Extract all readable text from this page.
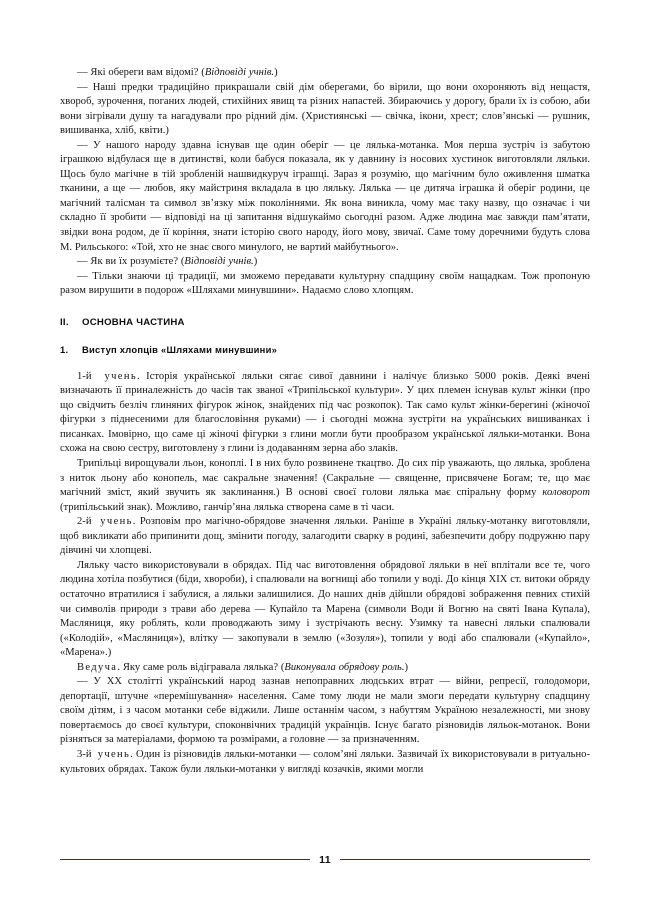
— Які обереги вам відомі? (Відповіді учнів.)

— Наші предки традиційно прикрашали свій дім оберегами, бо вірили, що вони охороняють від нещастя, хвороб, зурочення, поганих людей, стихійних явищ та різних напастей. Збираючись у дорогу, брали їх із собою, аби вони зігрівали душу та нагадували про рідний дім. (Християнські — свічка, ікони, хрест; слов’янські — рушник, вишиванка, хліб, квіти.)

— У нашого народу здавна існував ще один оберіг — це лялька-мотанка. Моя перша зустріч із забутою іграшкою відбулася ще в дитинстві, коли бабуся показала, як у давнину із носових хустинок виготовляли ляльки. Щось було магічне в тій зробленій нашвидкуруч іграшці. Зараз я розумію, що магічним було оживлення шматка тканини, а ще — любов, яку майстриня вкладала в цю ляльку. Лялька — це дитяча іграшка й оберіг родини, це магічний талісман та символ зв’язку між поколіннями. Як вона виникла, чому має таку назву, що означає і чи складно її зробити — відповіді на ці запитання відшукаймо сьогодні разом. Адже людина має завжди пам’ятати, звідки вона родом, де її коріння, знати історію свого народу, його мову, звичаї. Саме тому доречними будуть слова М. Рильського: «Той, хто не знає свого минулого, не вартий майбутнього».

— Як ви їх розумієте? (Відповіді учнів.)

— Тільки знаючи ці традиції, ми зможемо передавати культурну спадщину своїм нащадкам. Тож пропоную разом вирушити в подорож «Шляхами минувшини». Надаємо слово хлопцям.

II.	ОСНОВНА ЧАСТИНА
1.	Виступ хлопців «Шляхами минувшини»

1-й учень. Історія української ляльки сягає сивої давнини і налічує близько 5000 років. Деякі вчені визначають її приналежність до часів так званої «Трипільської культури». У цих племен існував культ жінки (про що свідчить безліч глиняних фігурок жінок, знайдених під час розкопок). Так само культ жінки-берегині (жіночої фігурки з піднесеними для благословіння руками) — і сьогодні можна зустріти на українських вишиванках і писанках. Імовірно, що саме ці жіночі фігурки з глини могли бути прообразом української ляльки-мотанки. Вона схожа на свою сестру, виготовлену з глини із додаванням зерна або злаків.

Трипільці вирощували льон, коноплі. І в них було розвинене ткацтво. До сих пір уважають, що лялька, зроблена з ниток льону або конопель, має сакральне значення! (Сакральне — священне, присвячене Богам; те, що має магічний зміст, який звучить як заклинання.) В основі своєї голови лялька має спіральну форму коловорот (трипільський знак). Можливо, ганчір’яна лялька створена саме в ті часи.

2-й учень. Розповім про магічно-обрядове значення ляльки. Раніше в Україні ляльку-мотанку виготовляли, щоб викликати або припинити дощ, змінити погоду, залагодити сварку в родині, забезпечити добру подружню пару дівчині чи хлопцеві.

Ляльку часто використовували в обрядах. Під час виготовлення обрядової ляльки в неї вплітали все те, чого людина хотіла позбутися (біди, хвороби), і спалювали на вогнищі або топили у воді. До кінця XIX ст. витоки обряду остаточно втратилися і забулися, а ляльки залишилися. До наших днів дійшли обрядові зображення певних стихій чи символів природи з трави або дерева — Купайло та Марена (символи Води й Вогню на святі Івана Купала), Масляниця, яку роблять, коли проводжають зиму і зустрічають весну. Узимку та навесні ляльки спалювали («Колодій», «Масляниця»), влітку — закопували в землю («Зозуля»), топили у воді або спалювали («Купайло», «Марена».)

Ведуча. Яку саме роль відігравала лялька? (Виконувала обрядову роль.)

— У XX столітті український народ зазнав непоправних людських втрат — війни, репресії, голодомори, депортації, штучне «перемішування» населення. Саме тому люди не мали змоги передати культурну спадщину своїм дітям, і з часом мотанки себе віджили. Лише останнім часом, з набуттям Україною незалежності, ми знову повертаємось до своєї культури, споконвічних традицій українців. Існує багато різновидів ляльок-мотанок. Вони різняться за матеріалами, формою та розмірами, а головне — за призначенням.

3-й учень. Один із різновидів ляльки-мотанки — солом’яні ляльки. Зазвичай їх використовували в ритуально-культових обрядах. Також були ляльки-мотанки у вигляді козачків, якими могли

11
